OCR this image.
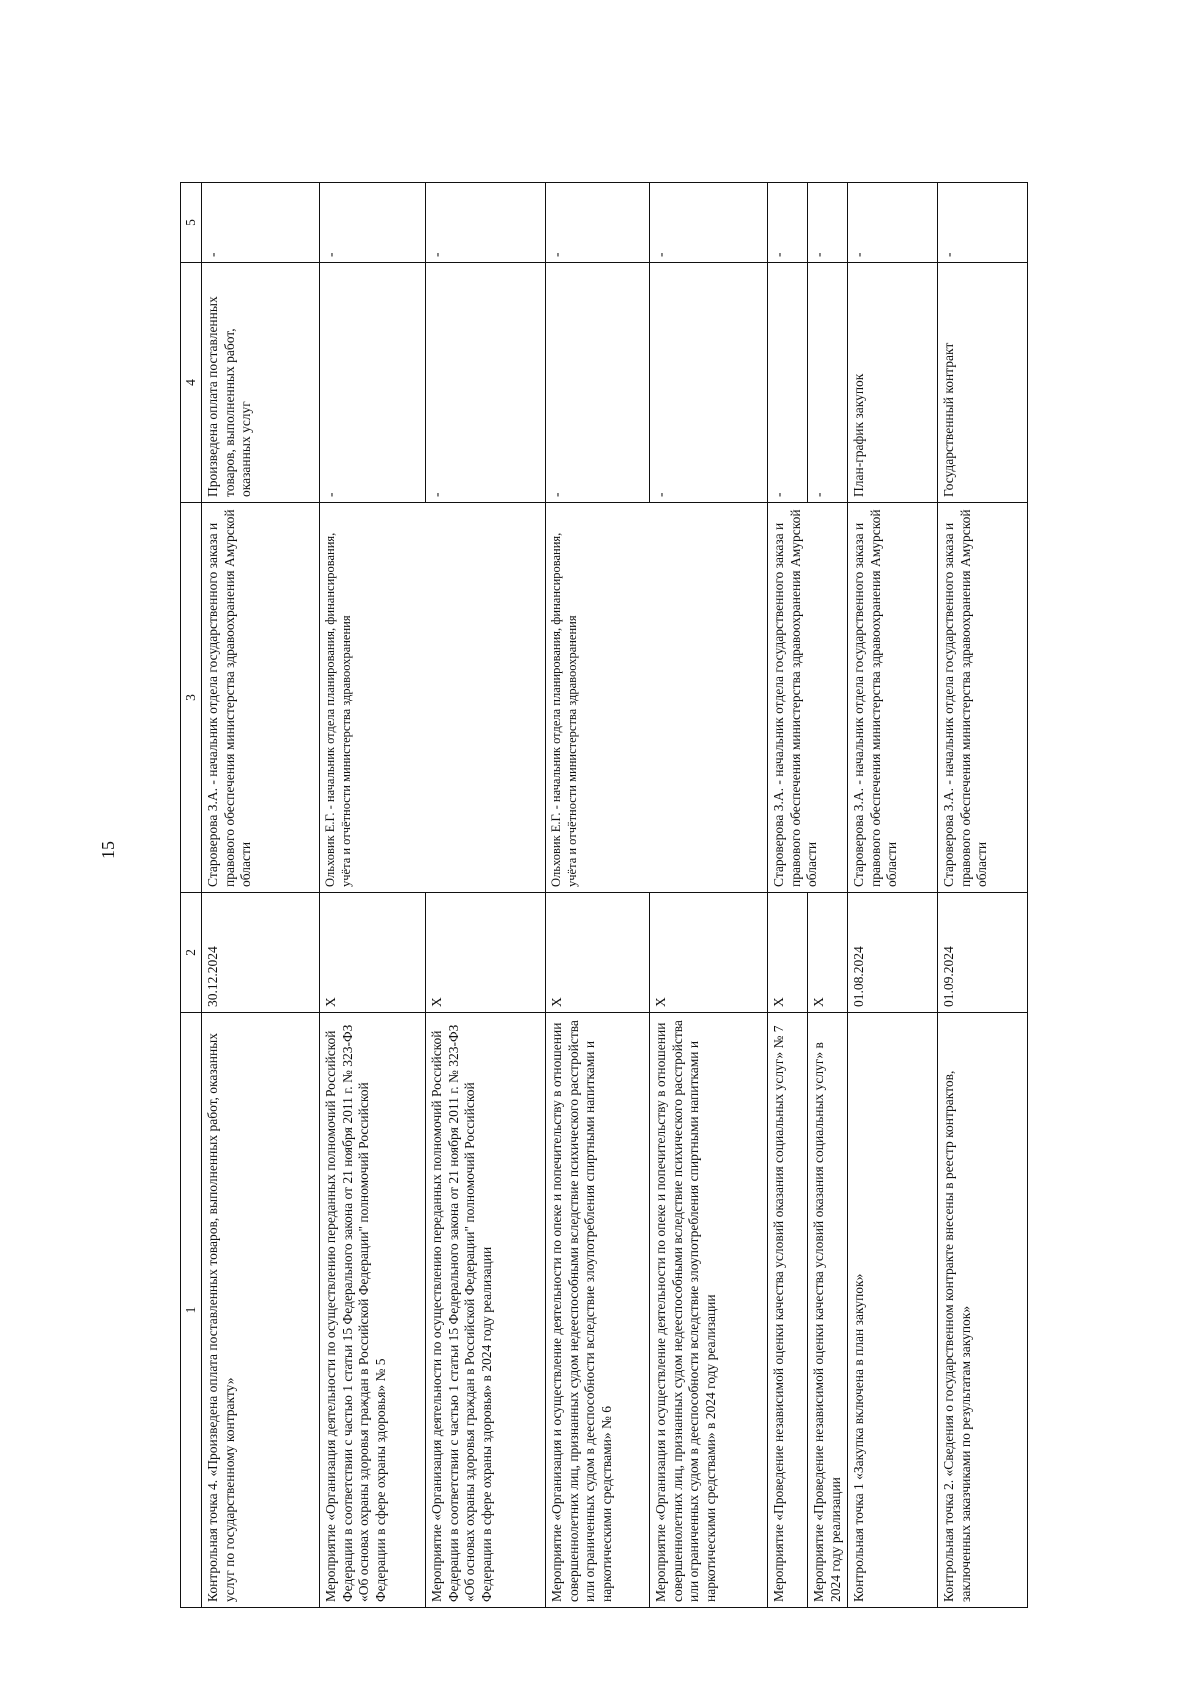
15
1	2	3	4	5
Контрольная точка 4. «Произведена оплата поставленных товаров, выполненных работ, оказанных услуг по государственному контракту»	30.12.2024	Староверова З.А. - начальник отдела государственного заказа и правового обеспечения министерства здравоохранения Амурской области	Произведена оплата поставленных товаров, выполненных работ, оказанных услуг	-
Мероприятие «Организация деятельности по осуществлению переданных полномочий Российской Федерации в соответствии с частью 1 статьи 15 Федерального закона от 21 ноября 2011 г. № 323-ФЗ «Об основах охраны здоровья граждан в Российской Федерации" полномочий Российской Федерации в сфере охраны здоровья» № 5	X	Ольховик Е.Г. - начальник отдела планирования, финансирования, учёта и отчётности министерства здравоохранения	-	-
Мероприятие «Организация деятельности по осуществлению переданных полномочий Российской Федерации в соответствии с частью 1 статьи 15 Федерального закона от 21 ноября 2011 г. № 323-ФЗ «Об основах охраны здоровья граждан в Российской Федерации" полномочий Российской Федерации в сфере охраны здоровья» в 2024 году реализации	X		-	-
Мероприятие «Организация и осуществление деятельности по опеке и попечительству в отношении совершеннолетних лиц, признанных судом недееспособными вследствие психического расстройства или ограниченных судом в дееспособности вследствие злоупотребления спиртными напитками и наркотическими средствами» № 6	X	Ольховик Е.Г. - начальник отдела планирования, финансирования, учёта и отчётности министерства здравоохранения	-	-
Мероприятие «Организация и осуществление деятельности по опеке и попечительству в отношении совершеннолетних лиц, признанных судом недееспособными вследствие психического расстройства или ограниченных судом в дееспособности вследствие злоупотребления спиртными напитками и наркотическими средствами» в 2024 году реализации	X		-	-
Мероприятие «Проведение независимой оценки качества условий оказания социальных услуг» № 7	X	Староверова З.А. - начальник отдела государственного заказа и правового обеспечения министерства здравоохранения Амурской области	-	-
Мероприятие «Проведение независимой оценки качества условий оказания социальных услуг» в 2024 году реализации	X		-	-
Контрольная точка 1 «Закупка включена в план закупок»	01.08.2024	Староверова З.А. - начальник отдела государственного заказа и правового обеспечения министерства здравоохранения Амурской области	План-график закупок	-
Контрольная точка 2. «Сведения о государственном контракте внесены в реестр контрактов, заключенных заказчиками по результатам закупок»	01.09.2024	Староверова З.А. - начальник отдела государственного заказа и правового обеспечения министерства здравоохранения Амурской области	Государственный контракт	-
